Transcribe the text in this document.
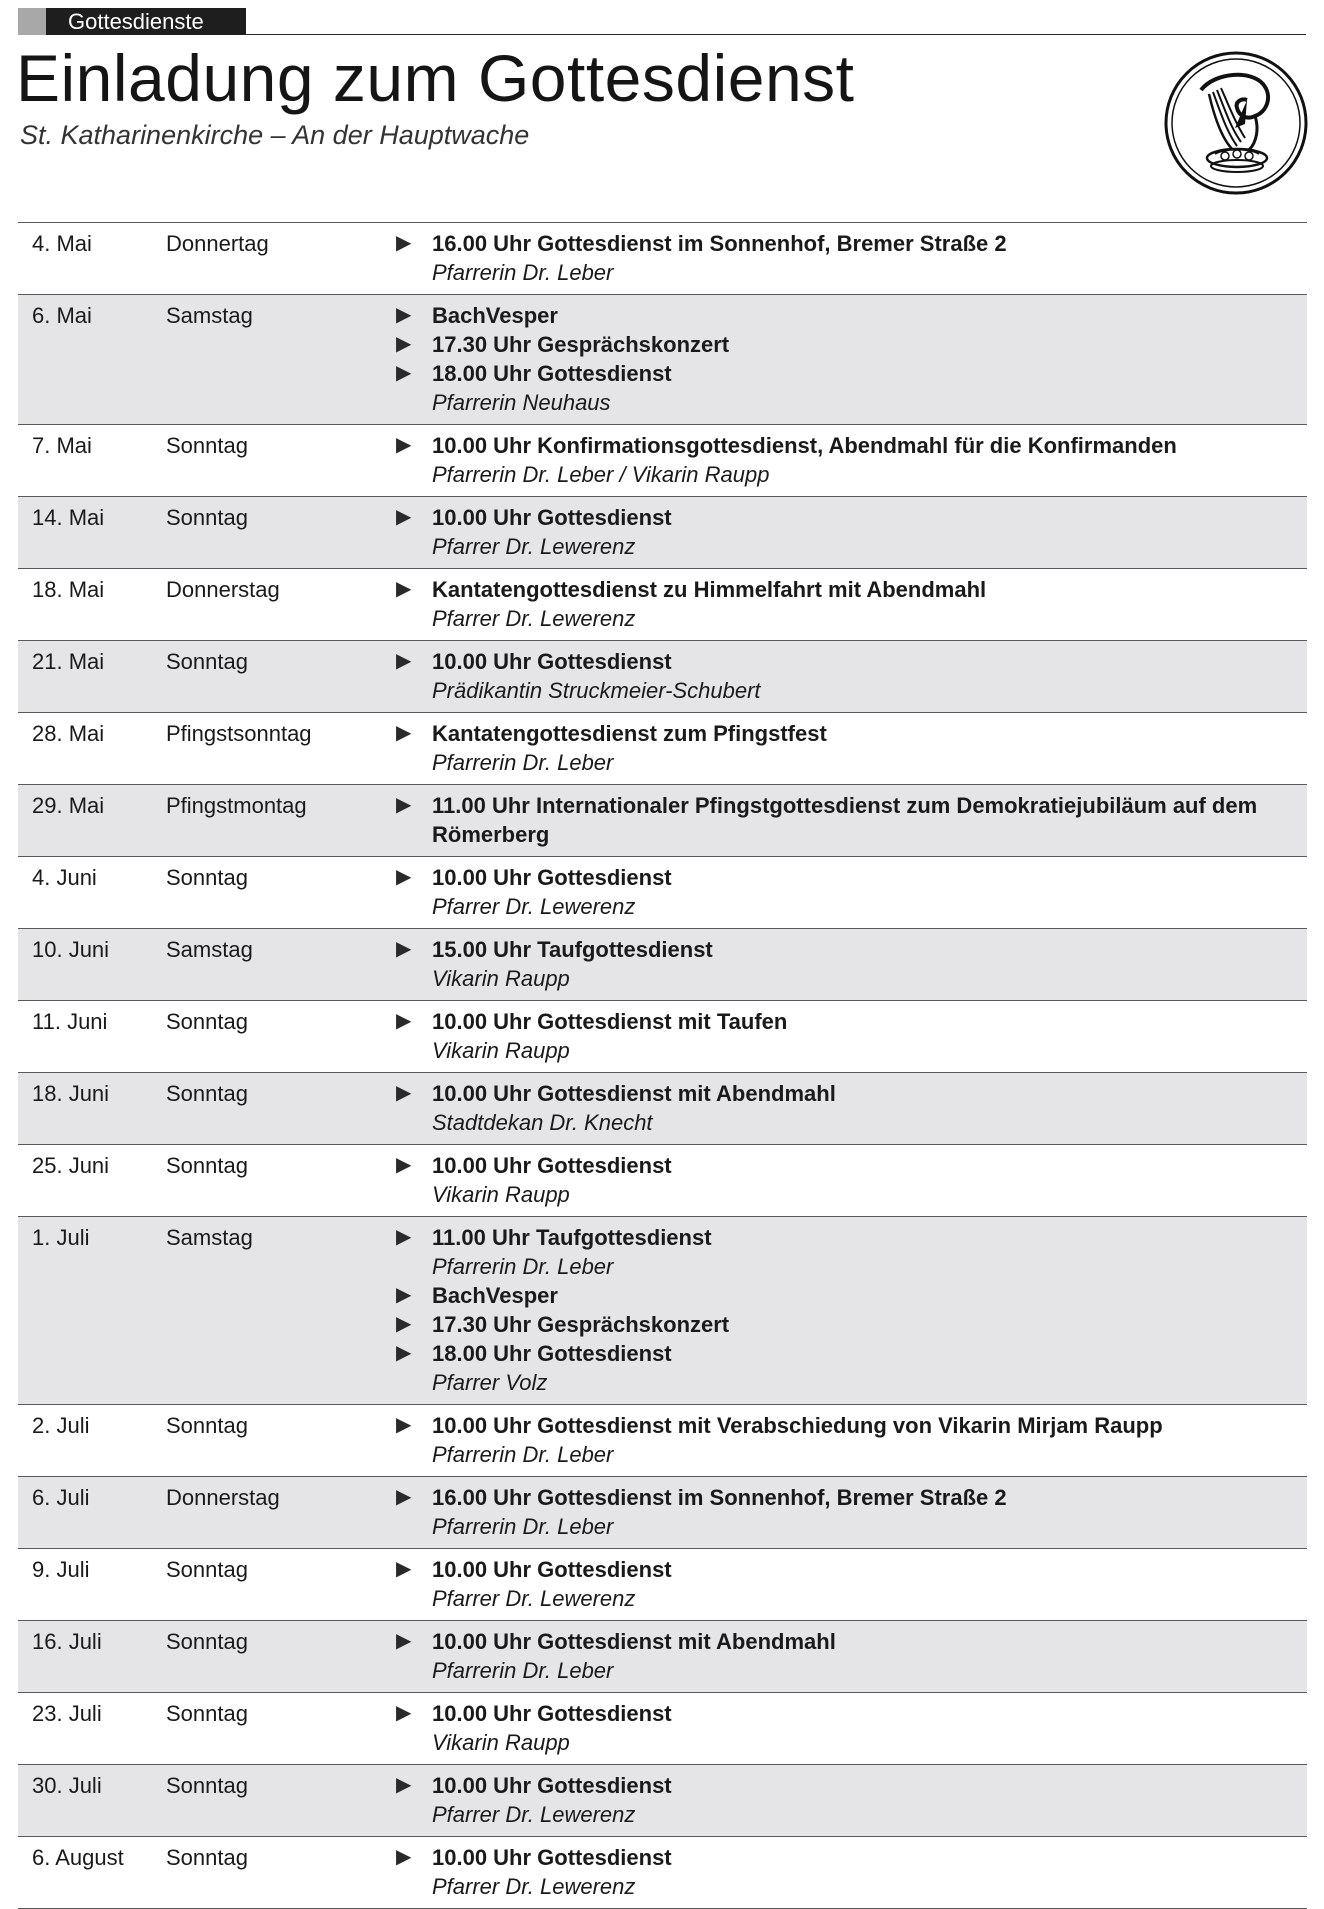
Gottesdienste
Einladung zum Gottesdienst

St. Katharinenkirche – An der Hauptwache

4. Mai	Donnertag	▶ 16.00 Uhr Gottesdienst im Sonnenhof, Bremer Straße 2
Pfarrerin Dr. Leber
6. Mai	Samstag	▶ BachVesper
▶ 17.30 Uhr Gesprächskonzert
▶ 18.00 Uhr Gottesdienst
Pfarrerin Neuhaus
7. Mai	Sonntag	▶ 10.00 Uhr Konfirmationsgottesdienst, Abendmahl für die Konfirmanden
Pfarrerin Dr. Leber / Vikarin Raupp
14. Mai	Sonntag	▶ 10.00 Uhr Gottesdienst
Pfarrer Dr. Lewerenz
18. Mai	Donnerstag	▶ Kantatengottesdienst zu Himmelfahrt mit Abendmahl
Pfarrer Dr. Lewerenz
21. Mai	Sonntag	▶ 10.00 Uhr Gottesdienst
Prädikantin Struckmeier-Schubert
28. Mai	Pfingstsonntag	▶ Kantatengottesdienst zum Pfingstfest
Pfarrerin Dr. Leber
29. Mai	Pfingstmontag	▶ 11.00 Uhr Internationaler Pfingstgottesdienst zum Demokratiejubiläum auf dem Römerberg
4. Juni	Sonntag	▶ 10.00 Uhr Gottesdienst
Pfarrer Dr. Lewerenz
10. Juni	Samstag	▶ 15.00 Uhr Taufgottesdienst
Vikarin Raupp
11. Juni	Sonntag	▶ 10.00 Uhr Gottesdienst mit Taufen
Vikarin Raupp
18. Juni	Sonntag	▶ 10.00 Uhr Gottesdienst mit Abendmahl
Stadtdekan Dr. Knecht
25. Juni	Sonntag	▶ 10.00 Uhr Gottesdienst
Vikarin Raupp
1. Juli	Samstag	▶ 11.00 Uhr Taufgottesdienst
Pfarrerin Dr. Leber
▶ BachVesper
▶ 17.30 Uhr Gesprächskonzert
▶ 18.00 Uhr Gottesdienst
Pfarrer Volz
2. Juli	Sonntag	▶ 10.00 Uhr Gottesdienst mit Verabschiedung von Vikarin Mirjam Raupp
Pfarrerin Dr. Leber
6. Juli	Donnerstag	▶ 16.00 Uhr Gottesdienst im Sonnenhof, Bremer Straße 2
Pfarrerin Dr. Leber
9. Juli	Sonntag	▶ 10.00 Uhr Gottesdienst
Pfarrer Dr. Lewerenz
16. Juli	Sonntag	▶ 10.00 Uhr Gottesdienst mit Abendmahl
Pfarrerin Dr. Leber
23. Juli	Sonntag	▶ 10.00 Uhr Gottesdienst
Vikarin Raupp
30. Juli	Sonntag	▶ 10.00 Uhr Gottesdienst
Pfarrer Dr. Lewerenz
6. August	Sonntag	▶ 10.00 Uhr Gottesdienst
Pfarrer Dr. Lewerenz
